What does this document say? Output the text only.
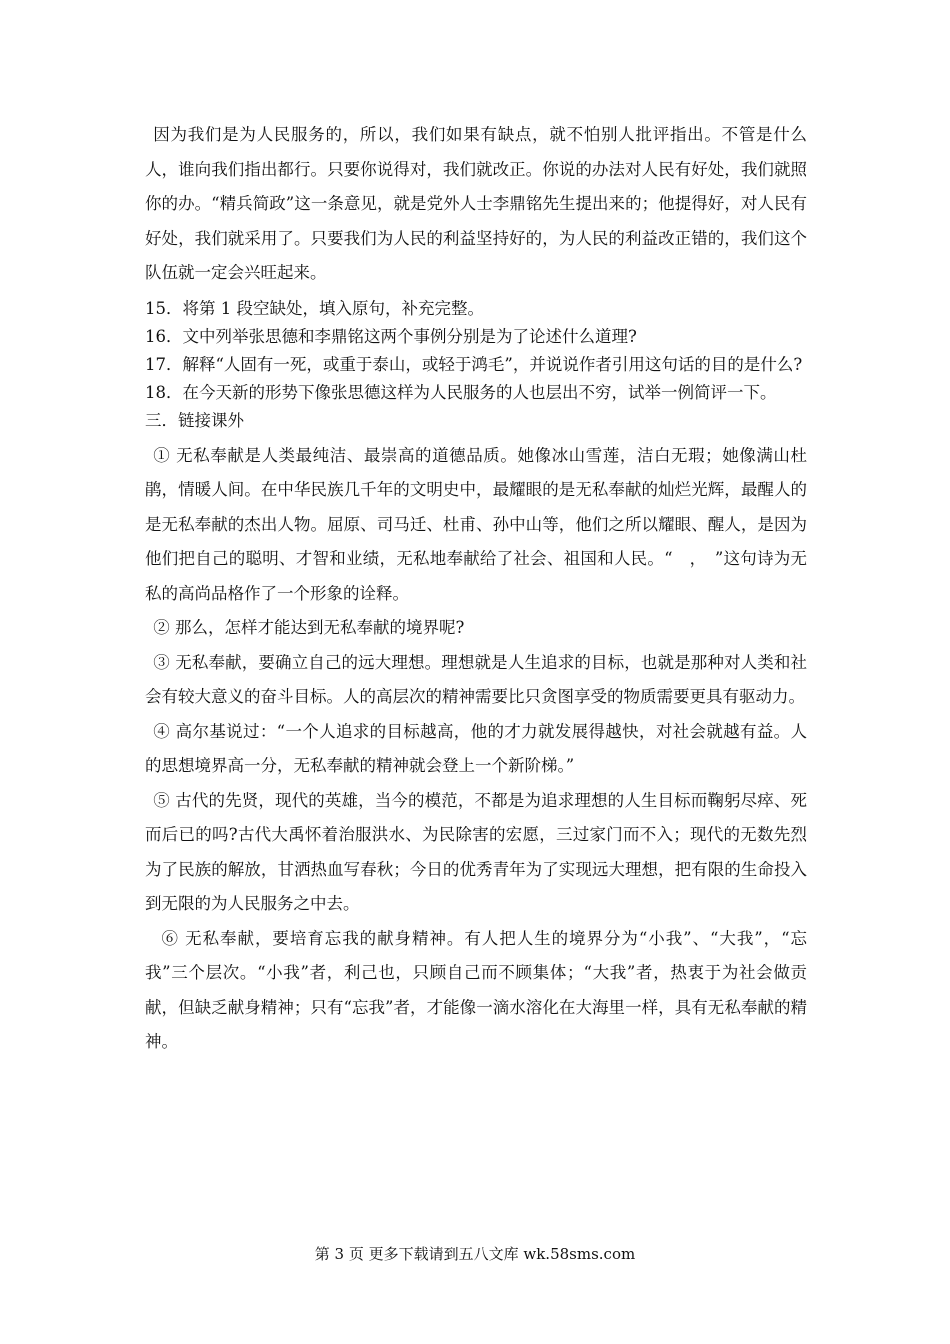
因为我们是为人民服务的，所以，我们如果有缺点，就不怕别人批评指出。不管是什么人，谁向我们指出都行。只要你说得对，我们就改正。你说的办法对人民有好处，我们就照你的办。“精兵简政”这一条意见，就是党外人士李鼎铭先生提出来的；他提得好，对人民有好处，我们就采用了。只要我们为人民的利益坚持好的，为人民的利益改正错的，我们这个队伍就一定会兴旺起来。

15．将第 1 段空缺处，填入原句，补充完整。

16．文中列举张思德和李鼎铭这两个事例分别是为了论述什么道理?

17．解释“人固有一死，或重于泰山，或轻于鸿毛”，并说说作者引用这句话的目的是什么?

18．在今天新的形势下像张思德这样为人民服务的人也层出不穷，试举一例简评一下。

三．链接课外

① 无私奉献是人类最纯洁、最崇高的道德品质。她像冰山雪莲，洁白无瑕；她像满山杜鹃，情暖人间。在中华民族几千年的文明史中，最耀眼的是无私奉献的灿烂光辉，最醒人的是无私奉献的杰出人物。屈原、司马迁、杜甫、孙中山等，他们之所以耀眼、醒人，是因为他们把自己的聪明、才智和业绩，无私地奉献给了社会、祖国和人民。“　，　”这句诗为无私的高尚品格作了一个形象的诠释。

② 那么，怎样才能达到无私奉献的境界呢?

③ 无私奉献，要确立自己的远大理想。理想就是人生追求的目标，也就是那种对人类和社会有较大意义的奋斗目标。人的高层次的精神需要比只贪图享受的物质需要更具有驱动力。

④ 高尔基说过：“一个人追求的目标越高，他的才力就发展得越快，对社会就越有益。人的思想境界高一分，无私奉献的精神就会登上一个新阶梯。”

⑤ 古代的先贤，现代的英雄，当今的模范，不都是为追求理想的人生目标而鞠躬尽瘁、死而后已的吗?古代大禹怀着治服洪水、为民除害的宏愿，三过家门而不入；现代的无数先烈为了民族的解放，甘洒热血写春秋；今日的优秀青年为了实现远大理想，把有限的生命投入到无限的为人民服务之中去。

⑥ 无私奉献，要培育忘我的献身精神。有人把人生的境界分为“小我”、“大我”，“忘我”三个层次。“小我”者，利己也，只顾自己而不顾集体；“大我”者，热衷于为社会做贡献，但缺乏献身精神；只有“忘我”者，才能像一滴水溶化在大海里一样，具有无私奉献的精神。

第 3 页 更多下载请到五八文库 wk.58sms.com
